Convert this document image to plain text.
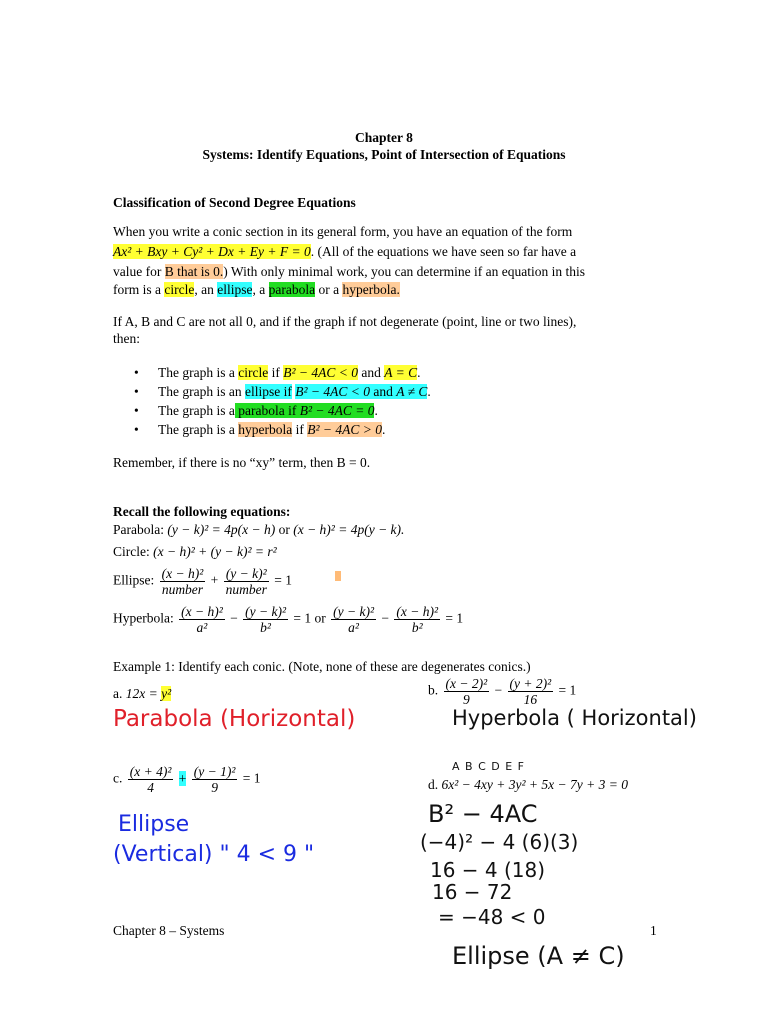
Chapter 8
Systems: Identify Equations, Point of Intersection of Equations
Classification of Second Degree Equations
When you write a conic section in its general form, you have an equation of the form
Ax² + Bxy + Cy² + Dx + Ey + F = 0. (All of the equations we have seen so far have a
value for B that is 0.) With only minimal work, you can determine if an equation in this
form is a circle, an ellipse, a parabola or a hyperbola.
If A, B and C are not all 0, and if the graph if not degenerate (point, line or two lines),
then:
• The graph is a circle if B² − 4AC < 0 and A = C.
• The graph is an ellipse if B² − 4AC < 0 and A ≠ C.
• The graph is a parabola if B² − 4AC = 0.
• The graph is a hyperbola if B² − 4AC > 0.
Remember, if there is no “xy” term, then B = 0.
Recall the following equations:
Parabola: (y − k)² = 4p(x − h) or (x − h)² = 4p(y − k).
Circle: (x − h)² + (y − k)² = r²
Ellipse: $\frac{\text{(x − h)²}}{\text{number}} + \frac{\text{(y − k)²}}{\text{number}} = 1$
Hyperbola: $\frac{\text{(x − h)²}}{\text{a²}} - \frac{\text{(y − k)²}}{\text{b²}} = 1$ or $\frac{\text{(y − k)²}}{\text{a²}} - \frac{\text{(x − h)²}}{\text{b²}} = 1$
Example 1: Identify each conic. (Note, none of these are degenerates conics.)
a. 12x = y²	b. $\frac{\text{(x − 2)²}}{9} - \frac{\text{(y + 2)²}}{16} = 1$
Parabola (Horizontal)	Hyperbola ( Horizontal)
c. $\frac{\text{(x + 4)²}}{4} + \frac{\text{(y − 1)²}}{9} = 1$
A B C D E F
d. 6x² − 4xy + 3y² + 5x − 7y + 3 = 0
Ellipse
(Vertical) " 4 < 9 "
B² − 4AC
(−4)² − 4 (6)(3)
16 − 4 (18)
16 − 72
= −48 < 0
Ellipse (A ≠ C)
Chapter 8 – Systems	1
